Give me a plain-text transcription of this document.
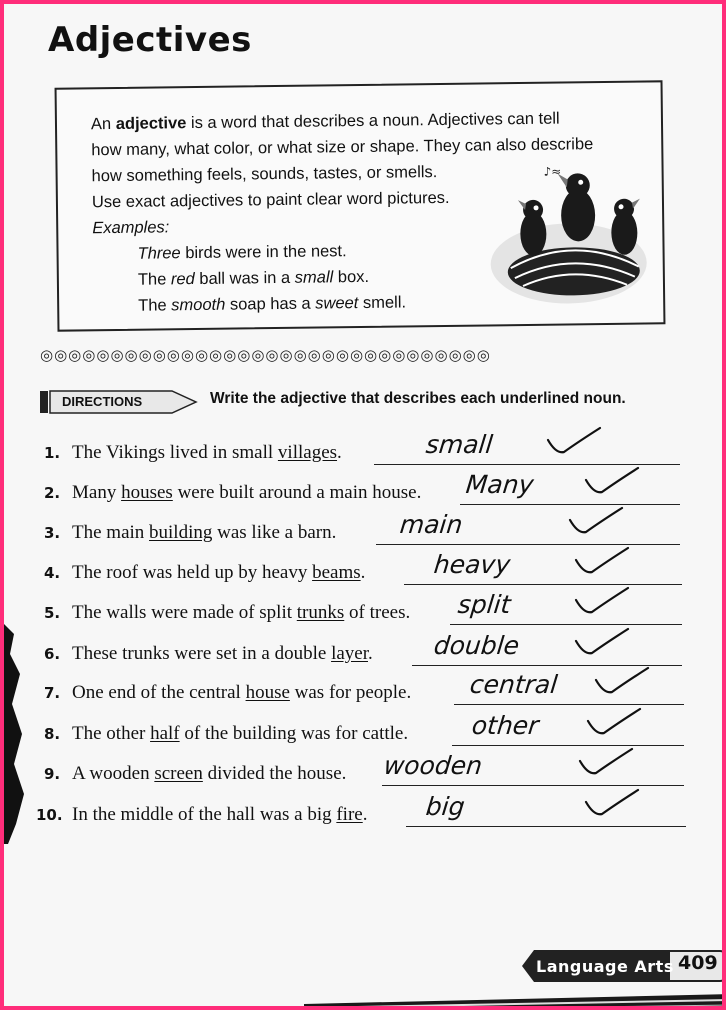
Adjectives
An adjective is a word that describes a noun. Adjectives can tell
how many, what color, or what size or shape. They can also describe
how something feels, sounds, tastes, or smells.
Use exact adjectives to paint clear word pictures.
Examples:
Three birds were in the nest.
The red ball was in a small box.
The smooth soap has a sweet smell.
♪≈
◎◎◎◎◎◎◎◎◎◎◎◎◎◎◎◎◎◎◎◎◎◎◎◎◎◎◎◎◎◎◎◎
DIRECTIONS	Write the adjective that describes each underlined noun.
1. The Vikings lived in small villages.	small
2. Many houses were built around a main house. Many
3. The main building was like a barn. main
4. The roof was held up by heavy beams.	heavy
5. The walls were made of split trunks of trees. split
6. These trunks were set in a double layer. double
7. One end of the central house was for people. central
8. The other half of the building was for cattle. other
9. A wooden screen divided the house. wooden
10. In the middle of the hall was a big fire. big
Language Arts 409
